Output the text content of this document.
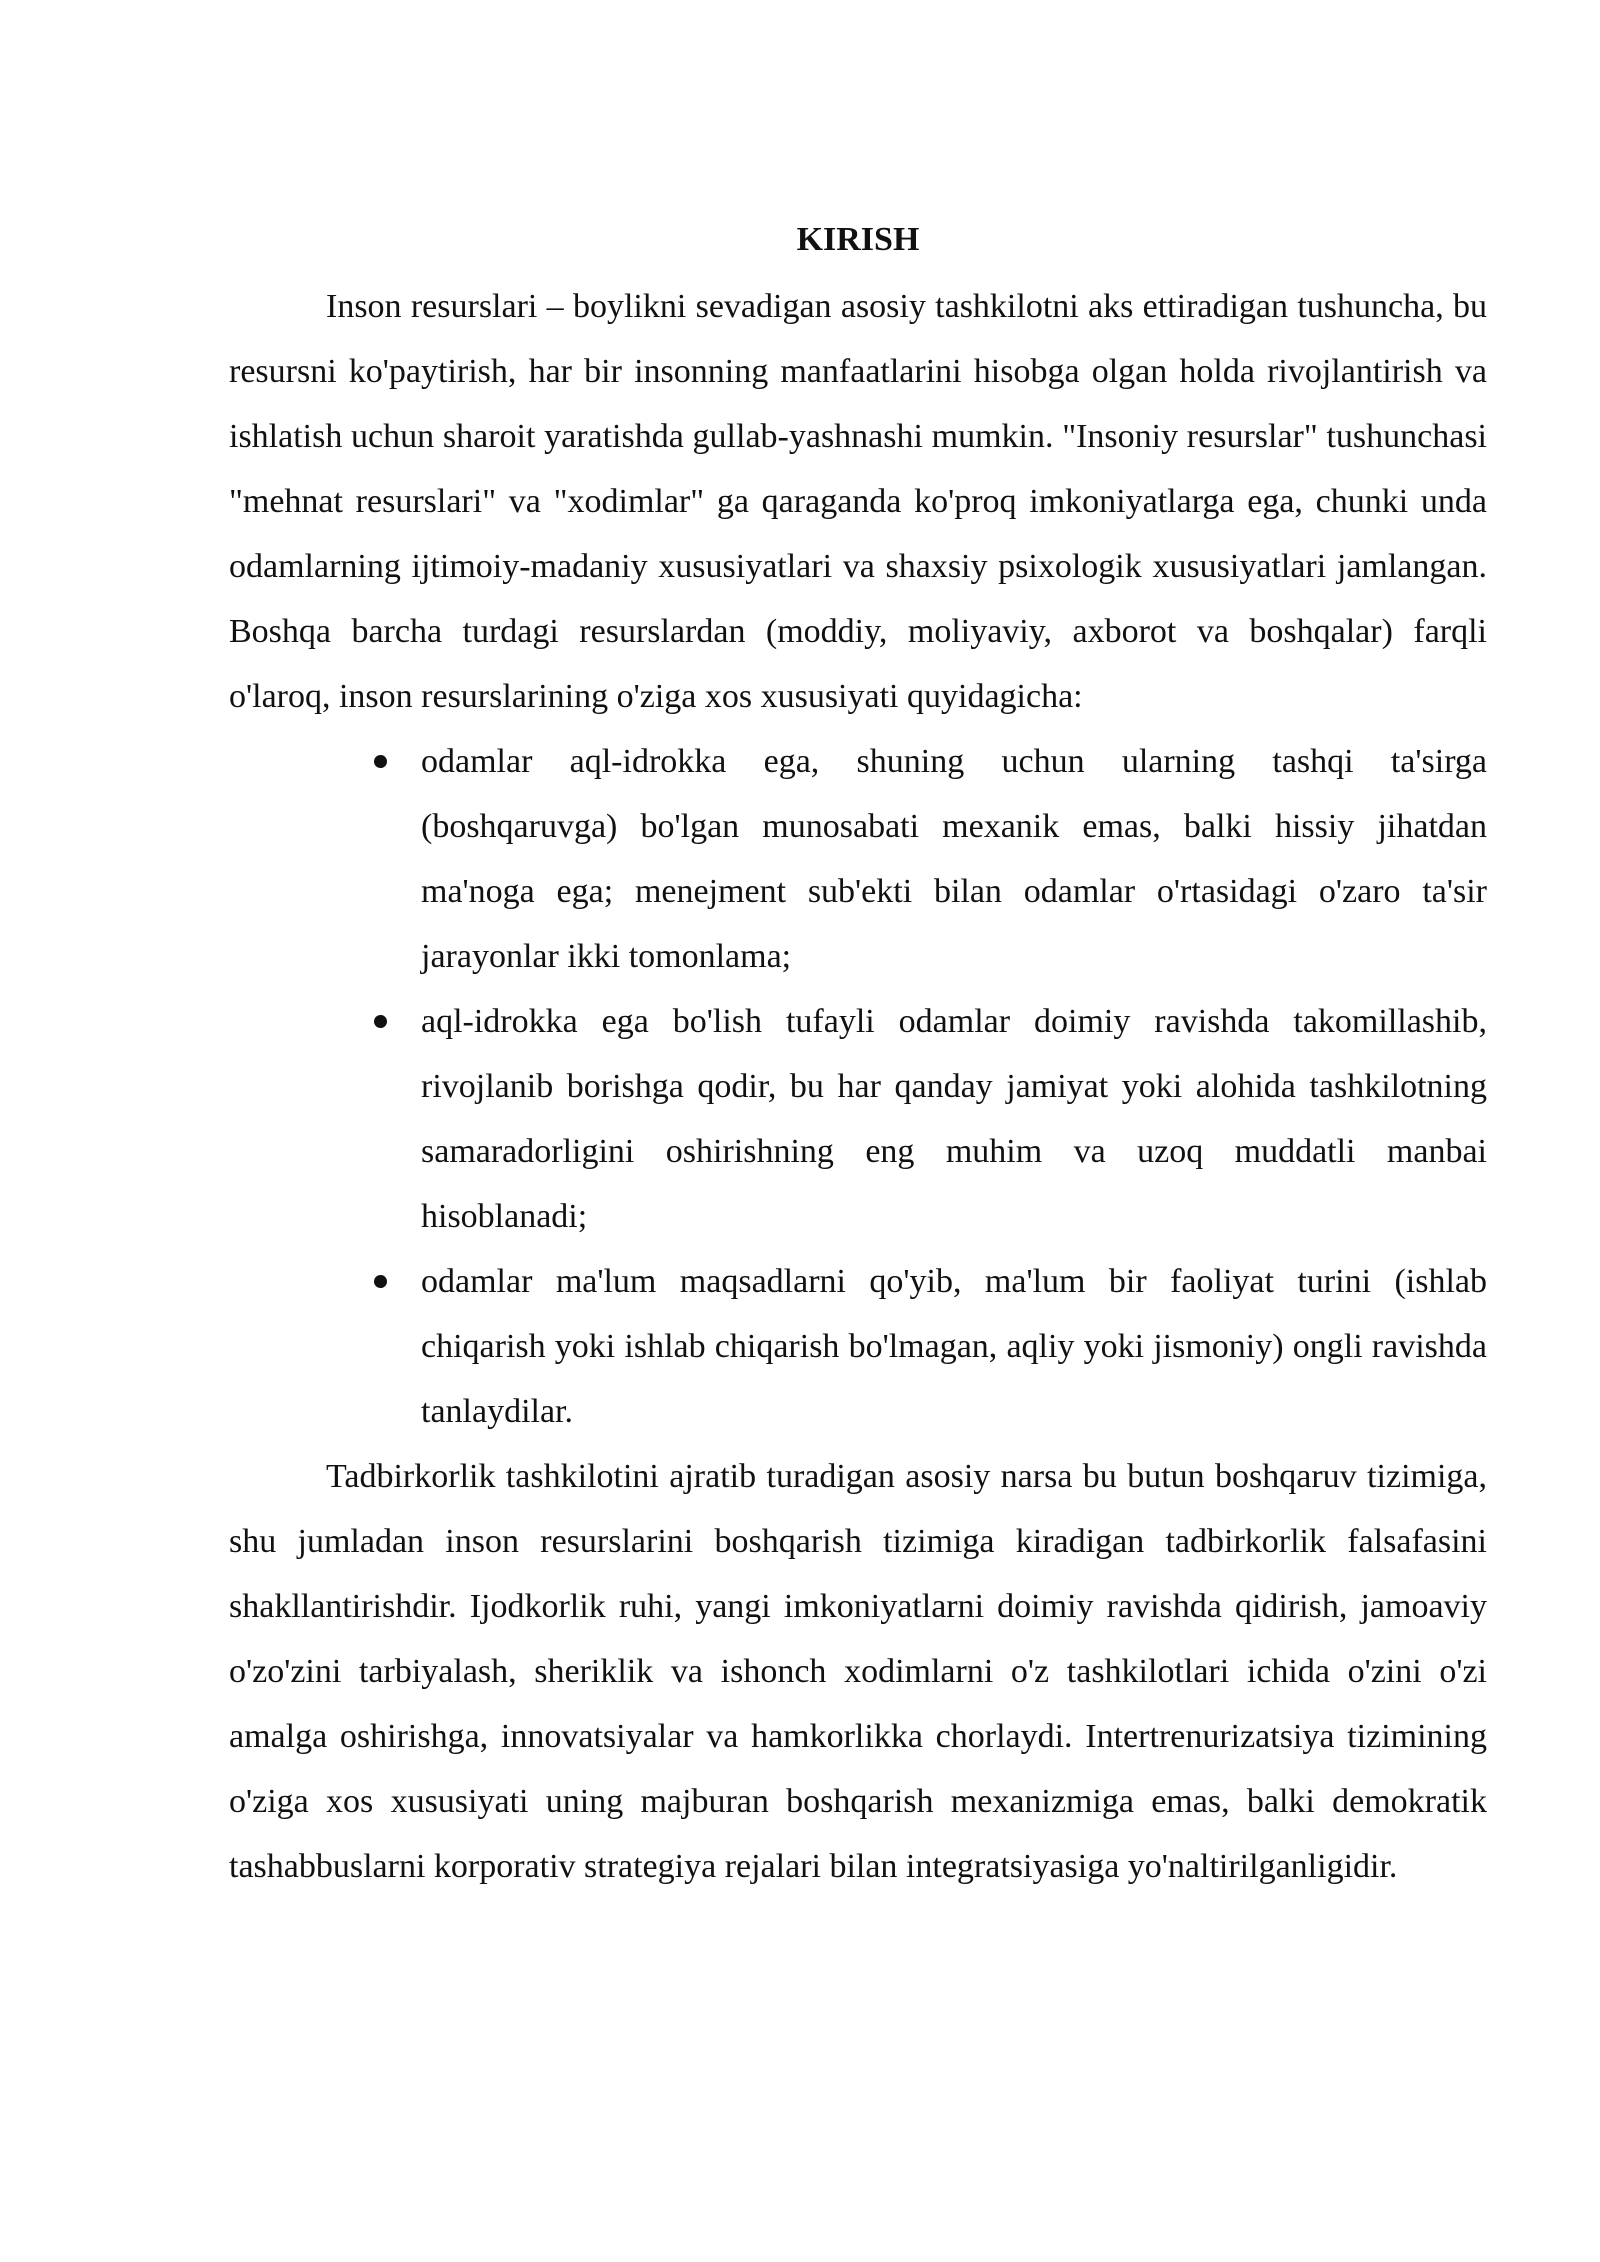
KIRISH

Inson resurslari – boylikni sevadigan asosiy tashkilotni aks ettiradigan tushuncha, bu resursni ko'paytirish, har bir insonning manfaatlarini hisobga olgan holda rivojlantirish va ishlatish uchun sharoit yaratishda gullab-yashnashi mumkin. "Insoniy resurslar" tushunchasi "mehnat resurslari" va "xodimlar" ga qaraganda ko'proq imkoniyatlarga ega, chunki unda odamlarning ijtimoiy-madaniy xususiyatlari va shaxsiy psixologik xususiyatlari jamlangan. Boshqa barcha turdagi resurslardan (moddiy, moliyaviy, axborot va boshqalar) farqli o'laroq, inson resurslarining o'ziga xos xususiyati quyidagicha:

odamlar aql-idrokka ega, shuning uchun ularning tashqi ta'sirga (boshqaruvga) bo'lgan munosabati mexanik emas, balki hissiy jihatdan ma'noga ega; menejment sub'ekti bilan odamlar o'rtasidagi o'zaro ta'sir jarayonlar ikki tomonlama;
aql-idrokka ega bo'lish tufayli odamlar doimiy ravishda takomillashib, rivojlanib borishga qodir, bu har qanday jamiyat yoki alohida tashkilotning samaradorligini oshirishning eng muhim va uzoq muddatli manbai hisoblanadi;
odamlar ma'lum maqsadlarni qo'yib, ma'lum bir faoliyat turini (ishlab chiqarish yoki ishlab chiqarish bo'lmagan, aqliy yoki jismoniy) ongli ravishda tanlaydilar.

Tadbirkorlik tashkilotini ajratib turadigan asosiy narsa bu butun boshqaruv tizimiga, shu jumladan inson resurslarini boshqarish tizimiga kiradigan tadbirkorlik falsafasini shakllantirishdir. Ijodkorlik ruhi, yangi imkoniyatlarni doimiy ravishda qidirish, jamoaviy o'zo'zini tarbiyalash, sheriklik va ishonch xodimlarni o'z tashkilotlari ichida o'zini o'zi amalga oshirishga, innovatsiyalar va hamkorlikka chorlaydi. Intertrenurizatsiya tizimining o'ziga xos xususiyati uning majburan boshqarish mexanizmiga emas, balki demokratik tashabbuslarni korporativ strategiya rejalari bilan integratsiyasiga yo'naltirilganligidir.
